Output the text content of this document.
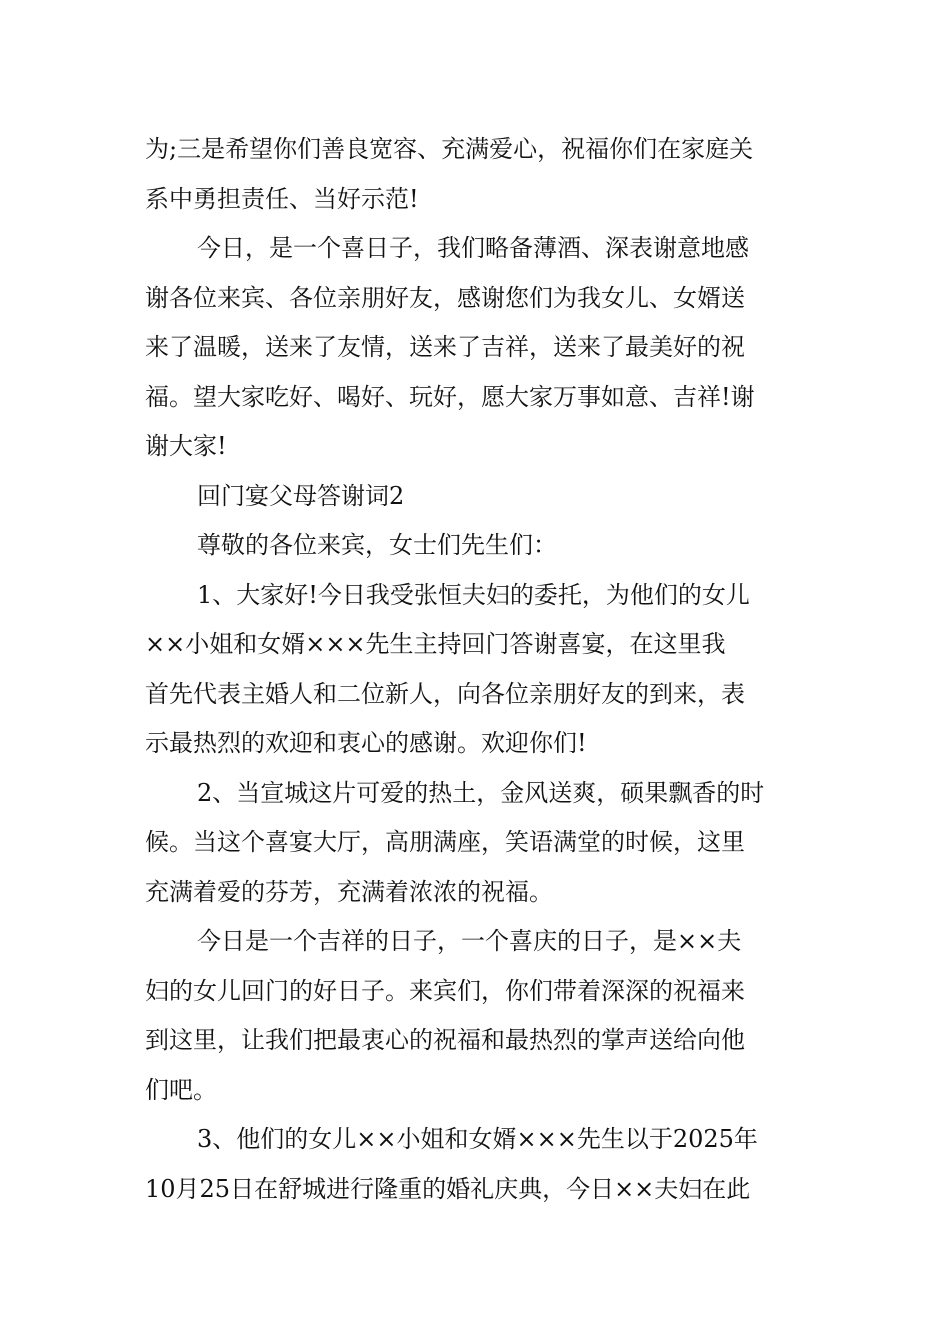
为;三是希望你们善良宽容、充满爱心，祝福你们在家庭关
系中勇担责任、当好示范!
今日，是一个喜日子，我们略备薄酒、深表谢意地感
谢各位来宾、各位亲朋好友，感谢您们为我女儿、女婿送
来了温暖，送来了友情，送来了吉祥，送来了最美好的祝
福。望大家吃好、喝好、玩好，愿大家万事如意、吉祥!谢
谢大家!
回门宴父母答谢词2
尊敬的各位来宾，女士们先生们：
1、大家好!今日我受张恒夫妇的委托，为他们的女儿
××小姐和女婿×××先生主持回门答谢喜宴，在这里我
首先代表主婚人和二位新人，向各位亲朋好友的到来，表
示最热烈的欢迎和衷心的感谢。欢迎你们!
2、当宣城这片可爱的热土，金风送爽，硕果飘香的时
候。当这个喜宴大厅，高朋满座，笑语满堂的时候，这里
充满着爱的芬芳，充满着浓浓的祝福。
今日是一个吉祥的日子，一个喜庆的日子，是××夫
妇的女儿回门的好日子。来宾们，你们带着深深的祝福来
到这里，让我们把最衷心的祝福和最热烈的掌声送给向他
们吧。
3、他们的女儿××小姐和女婿×××先生以于2025年
10月25日在舒城进行隆重的婚礼庆典，今日××夫妇在此
